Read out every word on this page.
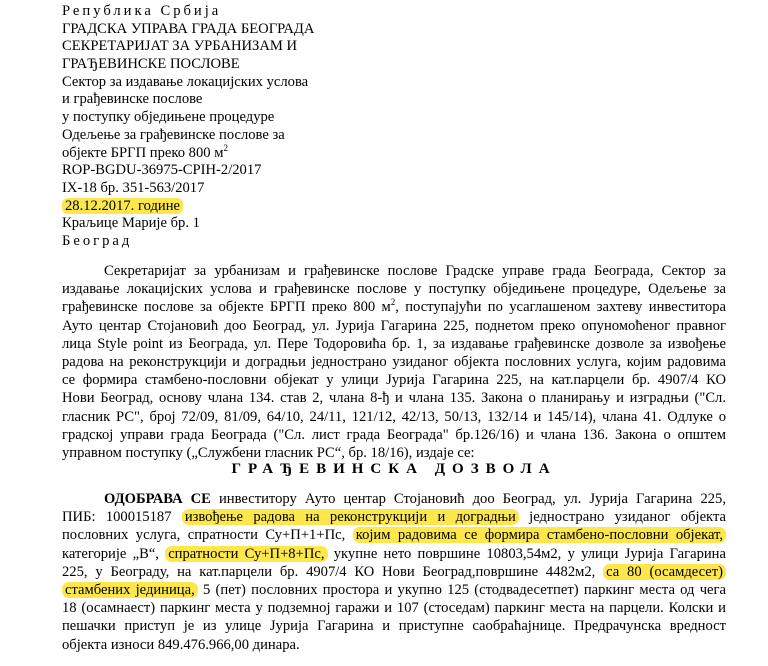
Република Србија
ГРАДСКА УПРАВА ГРАДА БЕОГРАДА
СЕКРЕТАРИЈАТ ЗА УРБАНИЗАМ И
ГРАЂЕВИНСКЕ ПОСЛОВЕ
Сектор за издавање локацијских услова
и грађевинске послове
у поступку обједињене процедуре
Одељење за грађевинске послове за
објекте БРГП преко 800 $м^2$
ROP-BGDU-36975-CPIH-2/2017
IX-18 бр. 351-563/2017
28.12.2017. године
Краљице Марије бр. 1
Београд
Секретаријат за урбанизам и грађевинске послове Градске управе града Београда, Сектор за
издавање локацијских услова и грађевинске послове у поступку обједињене процедуре, Одељење за
грађевинске послове за објекте БРГП преко 800 $м^2$, поступајући по усаглашеном захтеву инвеститора
Ауто центар Стојановић доо Београд, ул. Јурија Гагарина 225, поднетом преко опуномоћеног правног
лица Style point из Београда, ул. Пере Тодоровића бр. 1, за издавање грађевинске дозволе за извођење
радова на реконструкцији и доградњи једнострано узиданог објекта пословних услуга, којим радовима
се формира стамбено-пословни објекат у улици Јурија Гагарина 225, на кат.парцели бр. 4907/4 КО
Нови Београд, основу члана 134. став 2, члана 8-ђ и члана 135. Закона о планирању и изградњи ("Сл.
гласник РС", број 72/09, 81/09, 64/10, 24/11, 121/12, 42/13, 50/13, 132/14 и 145/14), члана 41. Одлуке о
градској управи града Београда ("Сл. лист града Београда" бр.126/16) и члана 136. Закона о општем
управном поступку („Службени гласник РС“, бр. 18/16), издаје се:
ГРАЂЕВИНСКА ДОЗВОЛА
ОДОБРАВА СЕ инвеститору Ауто центар Стојановић доо Београд, ул. Јурија Гагарина 225,
ПИБ: 100015187 извођење радова на реконструкцији и доградњи једнострано узиданог објекта
пословних услуга, спратности Су+П+1+Пс, којим радовима се формира стамбено-пословни објекат,
категорије „В“, спратности Су+П+8+Пс, укупне нето површине 10803,54м2, у улици Јурија Гагарина
225, у Београду, на кат.парцели бр. 4907/4 КО Нови Београд,површине 4482м2, са 80 (осамдесет)
стамбених јединица, 5 (пет) пословних простора и укупно 125 (стодвадесетпет) паркинг места од чега
18 (осамнаест) паркинг места у подземној гаражи и 107 (стоседам) паркинг места на парцели. Колски и
пешачки приступ је из улице Јурија Гагарина и приступне саобраћајнице. Предрачунска вредност
објекта износи 849.476.966,00 динара.
